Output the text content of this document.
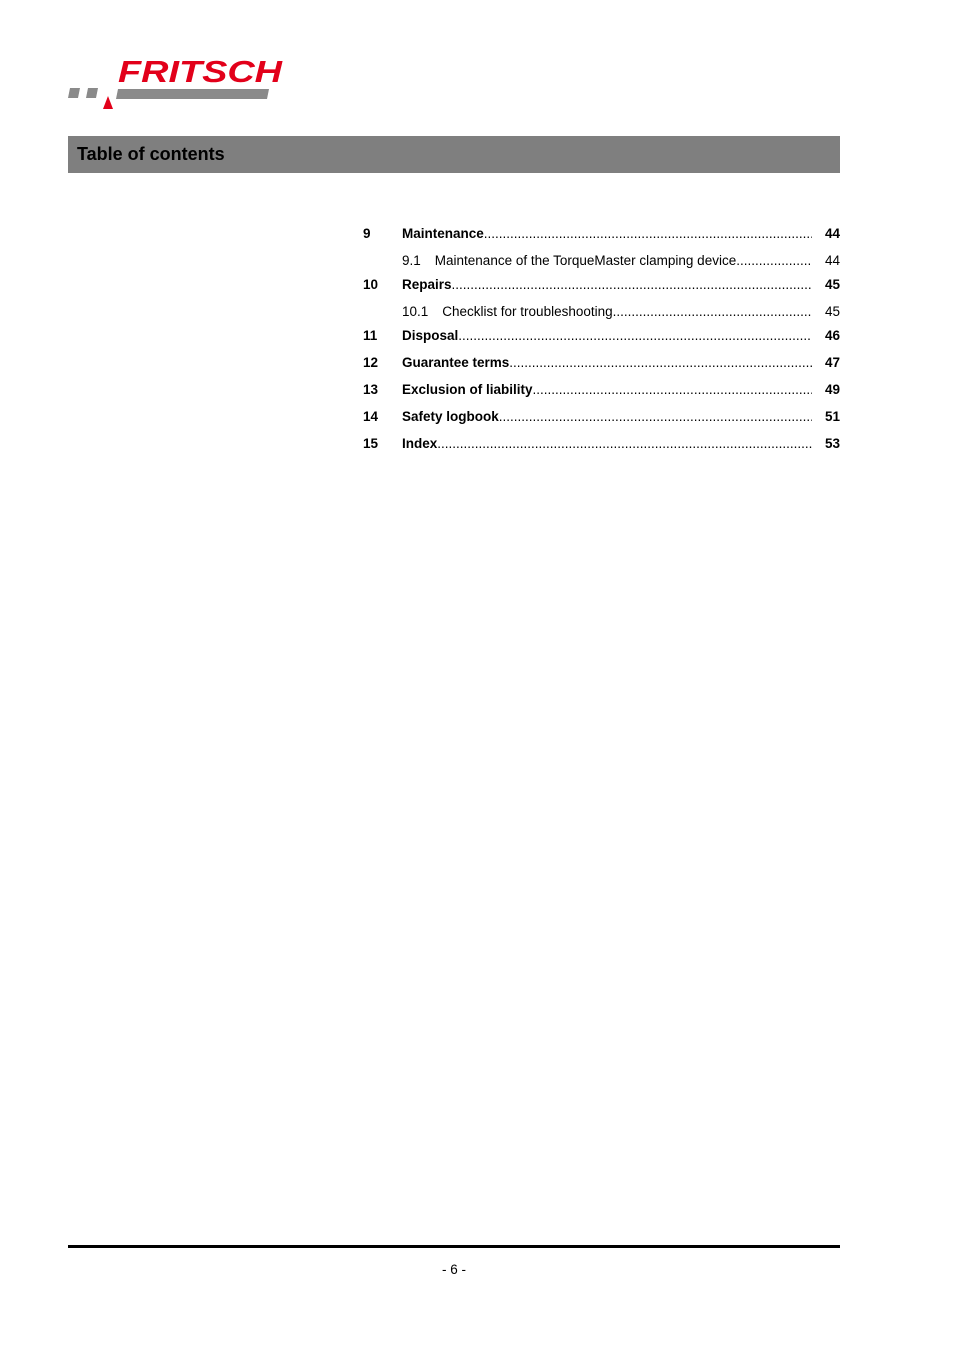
FRITSCH
Table of contents
9	Maintenance .....	44
9.1	Maintenance of the TorqueMaster clamping device .....	44
10	Repairs .....	45
10.1	Checklist for troubleshooting .....	45
11	Disposal .....	46
12	Guarantee terms .....	47
13	Exclusion of liability .....	49
14	Safety logbook .....	51
15	Index .....	53
- 6 -
